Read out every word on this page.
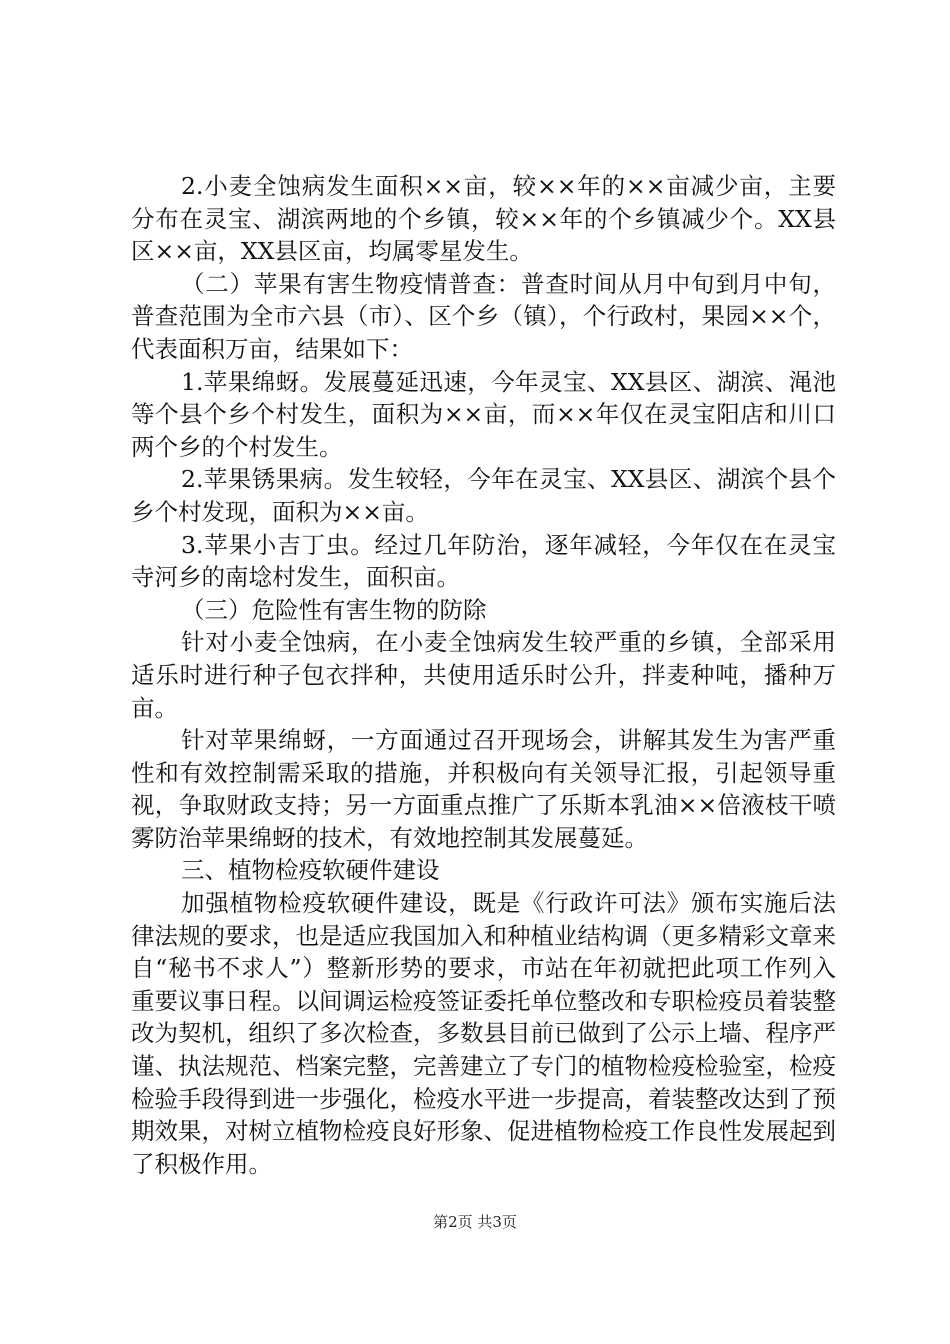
2.小麦全蚀病发生面积××亩，较××年的××亩减少亩，主要分布在灵宝、湖滨两地的个乡镇，较××年的个乡镇减少个。XX县区××亩，XX县区亩，均属零星发生。

（二）苹果有害生物疫情普查：普查时间从月中旬到月中旬，普查范围为全市六县（市）、区个乡（镇），个行政村，果园××个，代表面积万亩，结果如下：

1.苹果绵蚜。发展蔓延迅速，今年灵宝、XX县区、湖滨、渑池等个县个乡个村发生，面积为××亩，而××年仅在灵宝阳店和川口两个乡的个村发生。

2.苹果锈果病。发生较轻，今年在灵宝、XX县区、湖滨个县个乡个村发现，面积为××亩。

3.苹果小吉丁虫。经过几年防治，逐年减轻，今年仅在在灵宝寺河乡的南埝村发生，面积亩。

（三）危险性有害生物的防除

针对小麦全蚀病，在小麦全蚀病发生较严重的乡镇，全部采用适乐时进行种子包衣拌种，共使用适乐时公升，拌麦种吨，播种万亩。

针对苹果绵蚜，一方面通过召开现场会，讲解其发生为害严重性和有效控制需采取的措施，并积极向有关领导汇报，引起领导重视，争取财政支持；另一方面重点推广了乐斯本乳油××倍液枝干喷雾防治苹果绵蚜的技术，有效地控制其发展蔓延。

三、植物检疫软硬件建设

加强植物检疫软硬件建设，既是《行政许可法》颁布实施后法律法规的要求，也是适应我国加入和种植业结构调（更多精彩文章来自“秘书不求人”）整新形势的要求，市站在年初就把此项工作列入重要议事日程。以间调运检疫签证委托单位整改和专职检疫员着装整改为契机，组织了多次检查，多数县目前已做到了公示上墙、程序严谨、执法规范、档案完整，完善建立了专门的植物检疫检验室，检疫检验手段得到进一步强化，检疫水平进一步提高，着装整改达到了预期效果，对树立植物检疫良好形象、促进植物检疫工作良性发展起到了积极作用。

第2页 共3页
